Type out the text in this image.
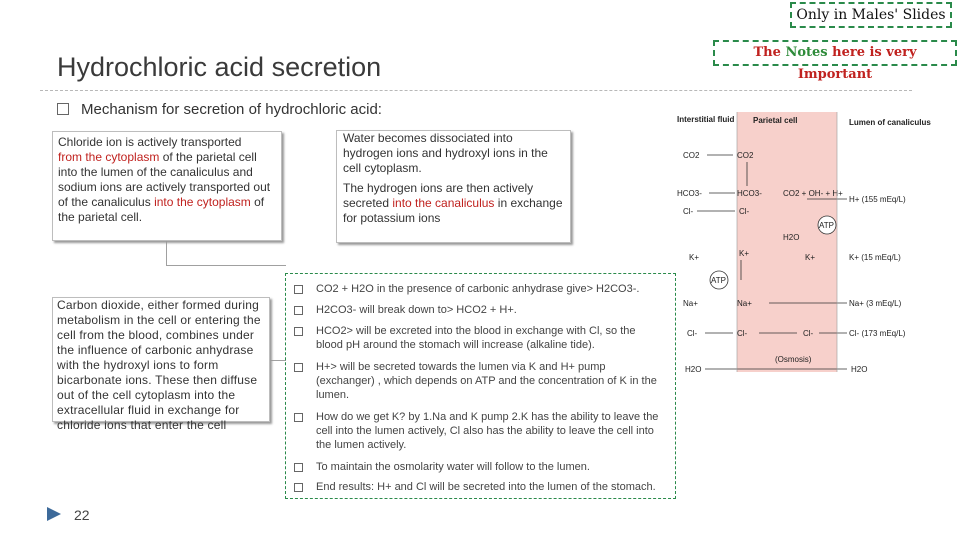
Only in Males' Slides
The Notes here is very Important
Hydrochloric acid secretion
Mechanism for secretion of hydrochloric acid:
Chloride ion is actively transported
from the cytoplasm of the parietal cell into the lumen of the canaliculus and sodium ions are actively transported out of the canaliculus into the cytoplasm of the parietal cell.

Water becomes dissociated into hydrogen ions and hydroxyl ions in the cell cytoplasm.

The hydrogen ions are then actively secreted into the canaliculus in exchange for potassium ions

Carbon dioxide, either formed during metabolism in the cell or entering the cell from the blood, combines under the influence of carbonic anhydrase with the hydroxyl ions to form bicarbonate ions. These then diffuse out of the cell cytoplasm into the extracellular fluid in exchange for chloride ions that enter the cell
CO2 + H2O in the presence of carbonic anhydrase give> H2CO3-.
H2CO3- will break down to> HCO2 + H+.
HCO2> will be excreted into the blood in exchange with Cl, so the blood pH around the stomach will increase (alkaline tide).
H+> will be secreted towards the lumen via K and H+ pump (exchanger) , which depends on ATP and the concentration of K in the lumen.
How do we get K? by 1.Na and K pump 2.K has the ability to leave the cell into the lumen actively, Cl also has the ability to leave the cell into the lumen actively.
To maintain the osmolarity water will follow to the lumen.
End results: H+ and Cl will be secreted into the lumen of the stomach.
Interstitial fluid Parietal cell	Lumen of canaliculus
CO2	CO2
HCO3-	HCO3-	CO2 + OH- + H+
H+ (155 mEq/L)
Cl-	Cl-
ATP
H2O
K+	K+	K+	K+ (15 mEq/L)
ATP
Na+	Na+	Na+ (3 mEq/L)
Cl-	Cl-	Cl-	Cl- (173 mEq/L)
(Osmosis)
H2O	H2O
22
